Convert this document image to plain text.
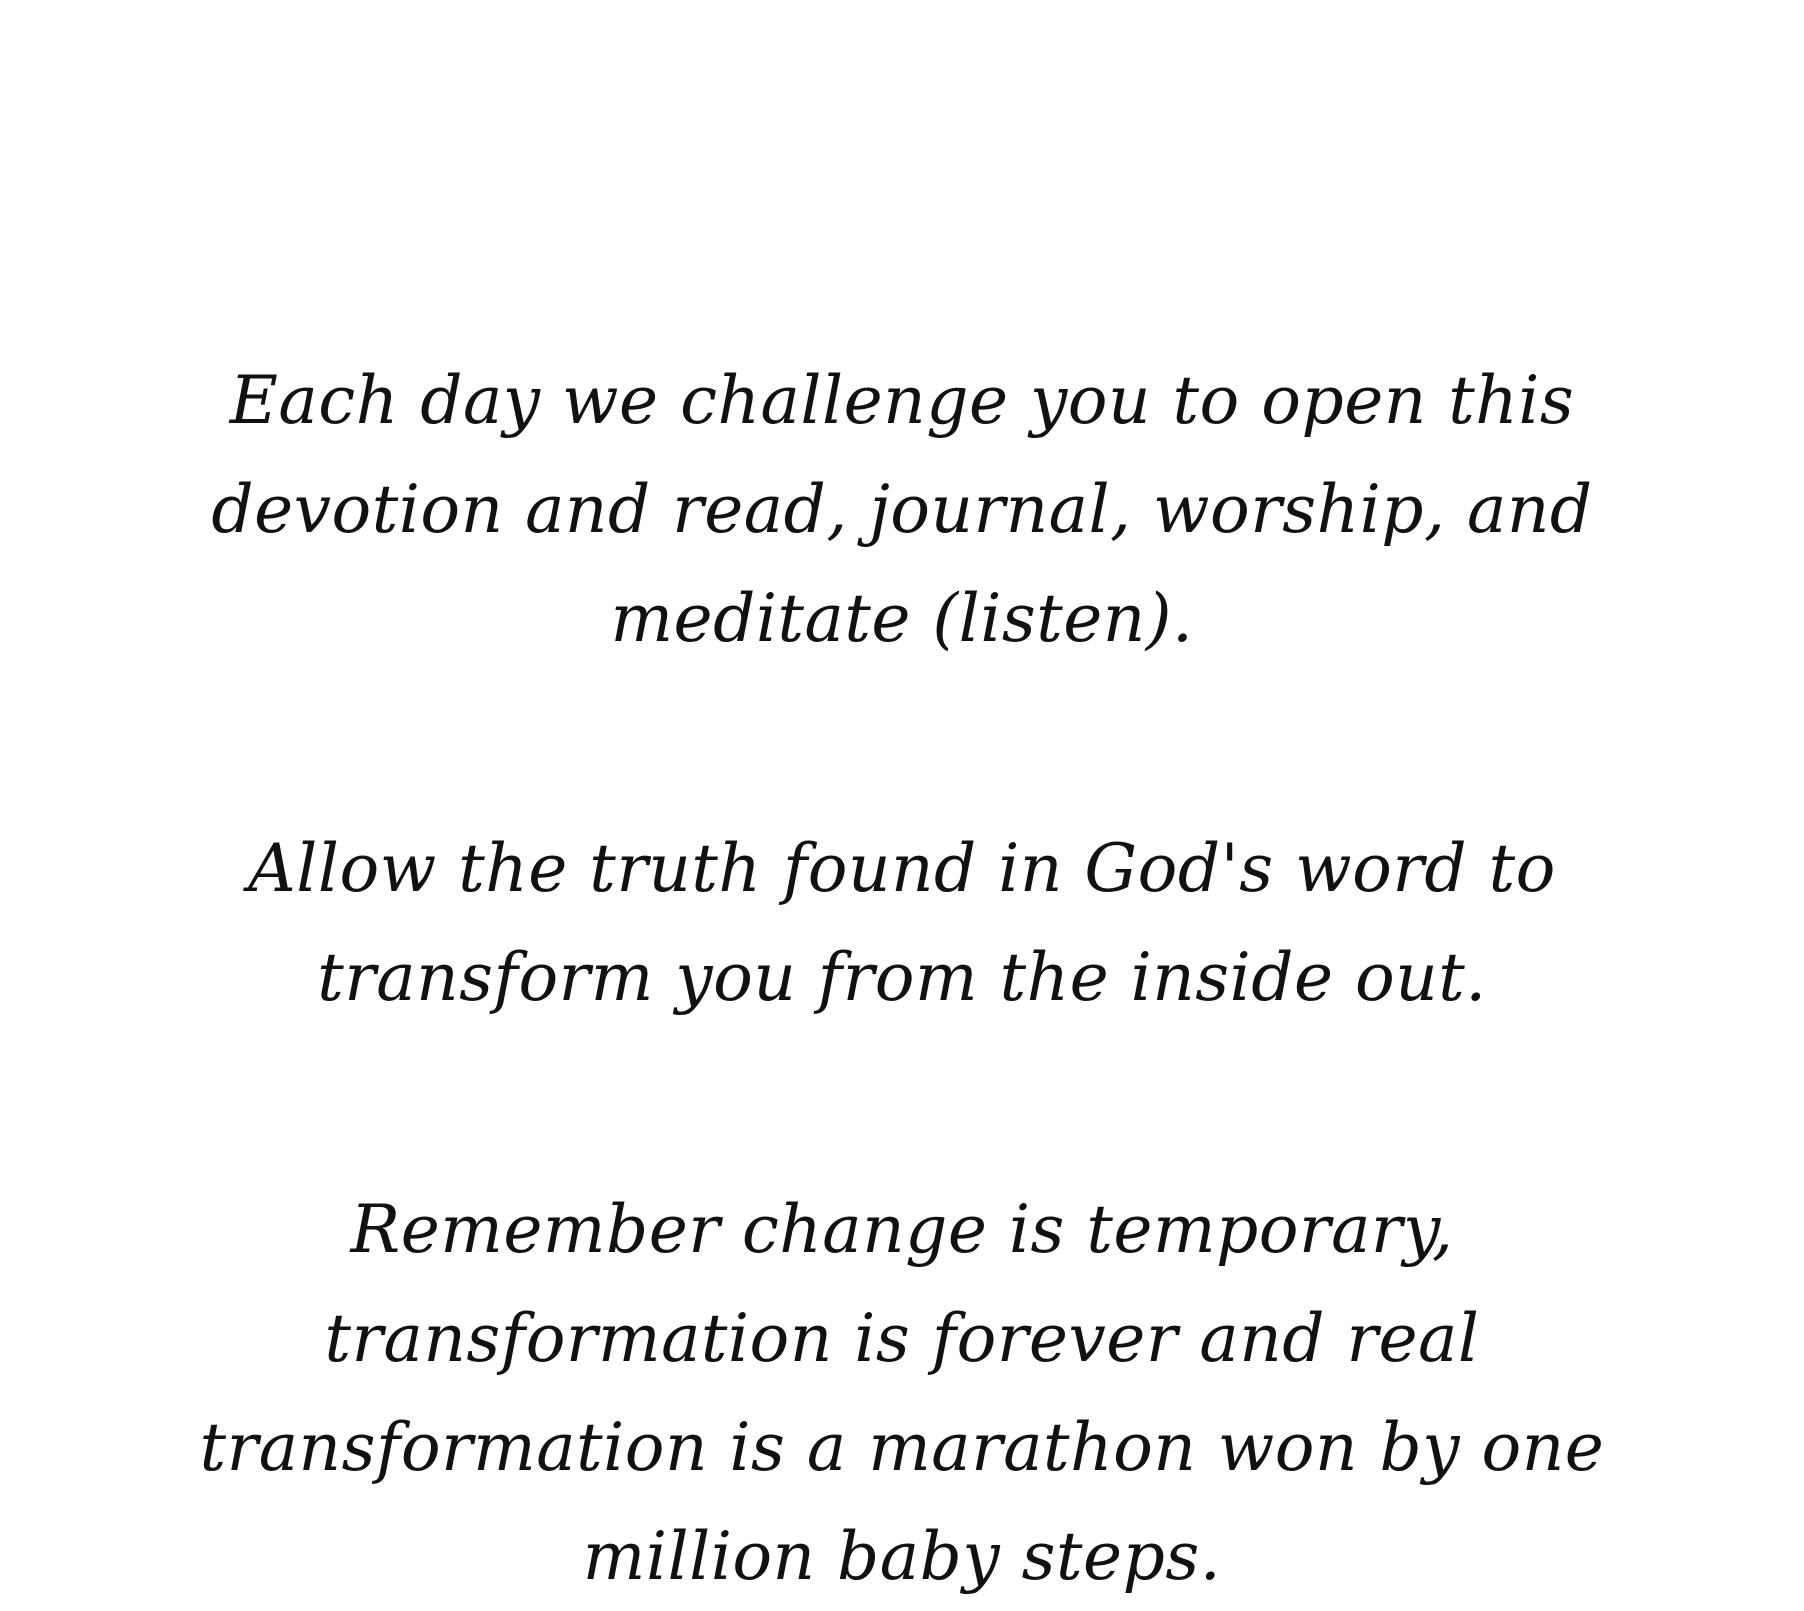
Each day we challenge you to open this
devotion and read, journal, worship, and
meditate (listen).
Allow the truth found in God's word to
transform you from the inside out.
Remember change is temporary,
transformation is forever and real
transformation is a marathon won by one
million baby steps.
